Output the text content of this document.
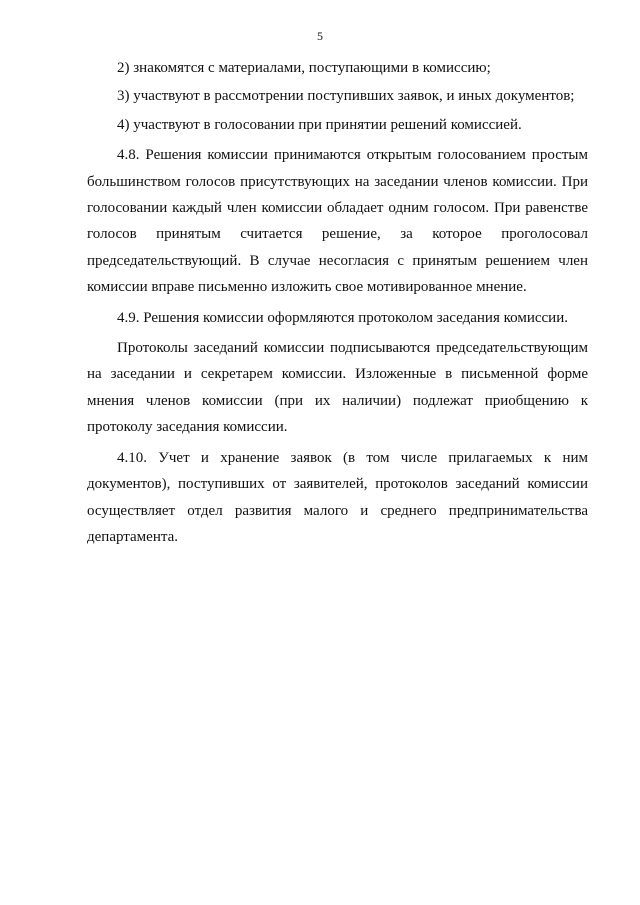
5

2) знакомятся с материалами, поступающими в комиссию;

3) участвуют в рассмотрении поступивших заявок, и иных документов;

4) участвуют в голосовании при принятии решений комиссией.

4.8. Решения комиссии принимаются открытым голосованием простым

большинством голосов присутствующих на заседании членов комиссии. При

голосовании каждый член комиссии обладает одним голосом. При равенстве

голосов принятым считается решение, за которое проголосовал

председательствующий. В случае несогласия с принятым решением член

комиссии вправе письменно изложить свое мотивированное мнение.

4.9. Решения комиссии оформляются протоколом заседания комиссии.

Протоколы заседаний комиссии подписываются председательствующим

на заседании и секретарем комиссии. Изложенные в письменной форме

мнения членов комиссии (при их наличии) подлежат приобщению к

протоколу заседания комиссии.

4.10. Учет и хранение заявок (в том числе прилагаемых к ним

документов), поступивших от заявителей, протоколов заседаний комиссии

осуществляет отдел развития малого и среднего предпринимательства

департамента.
